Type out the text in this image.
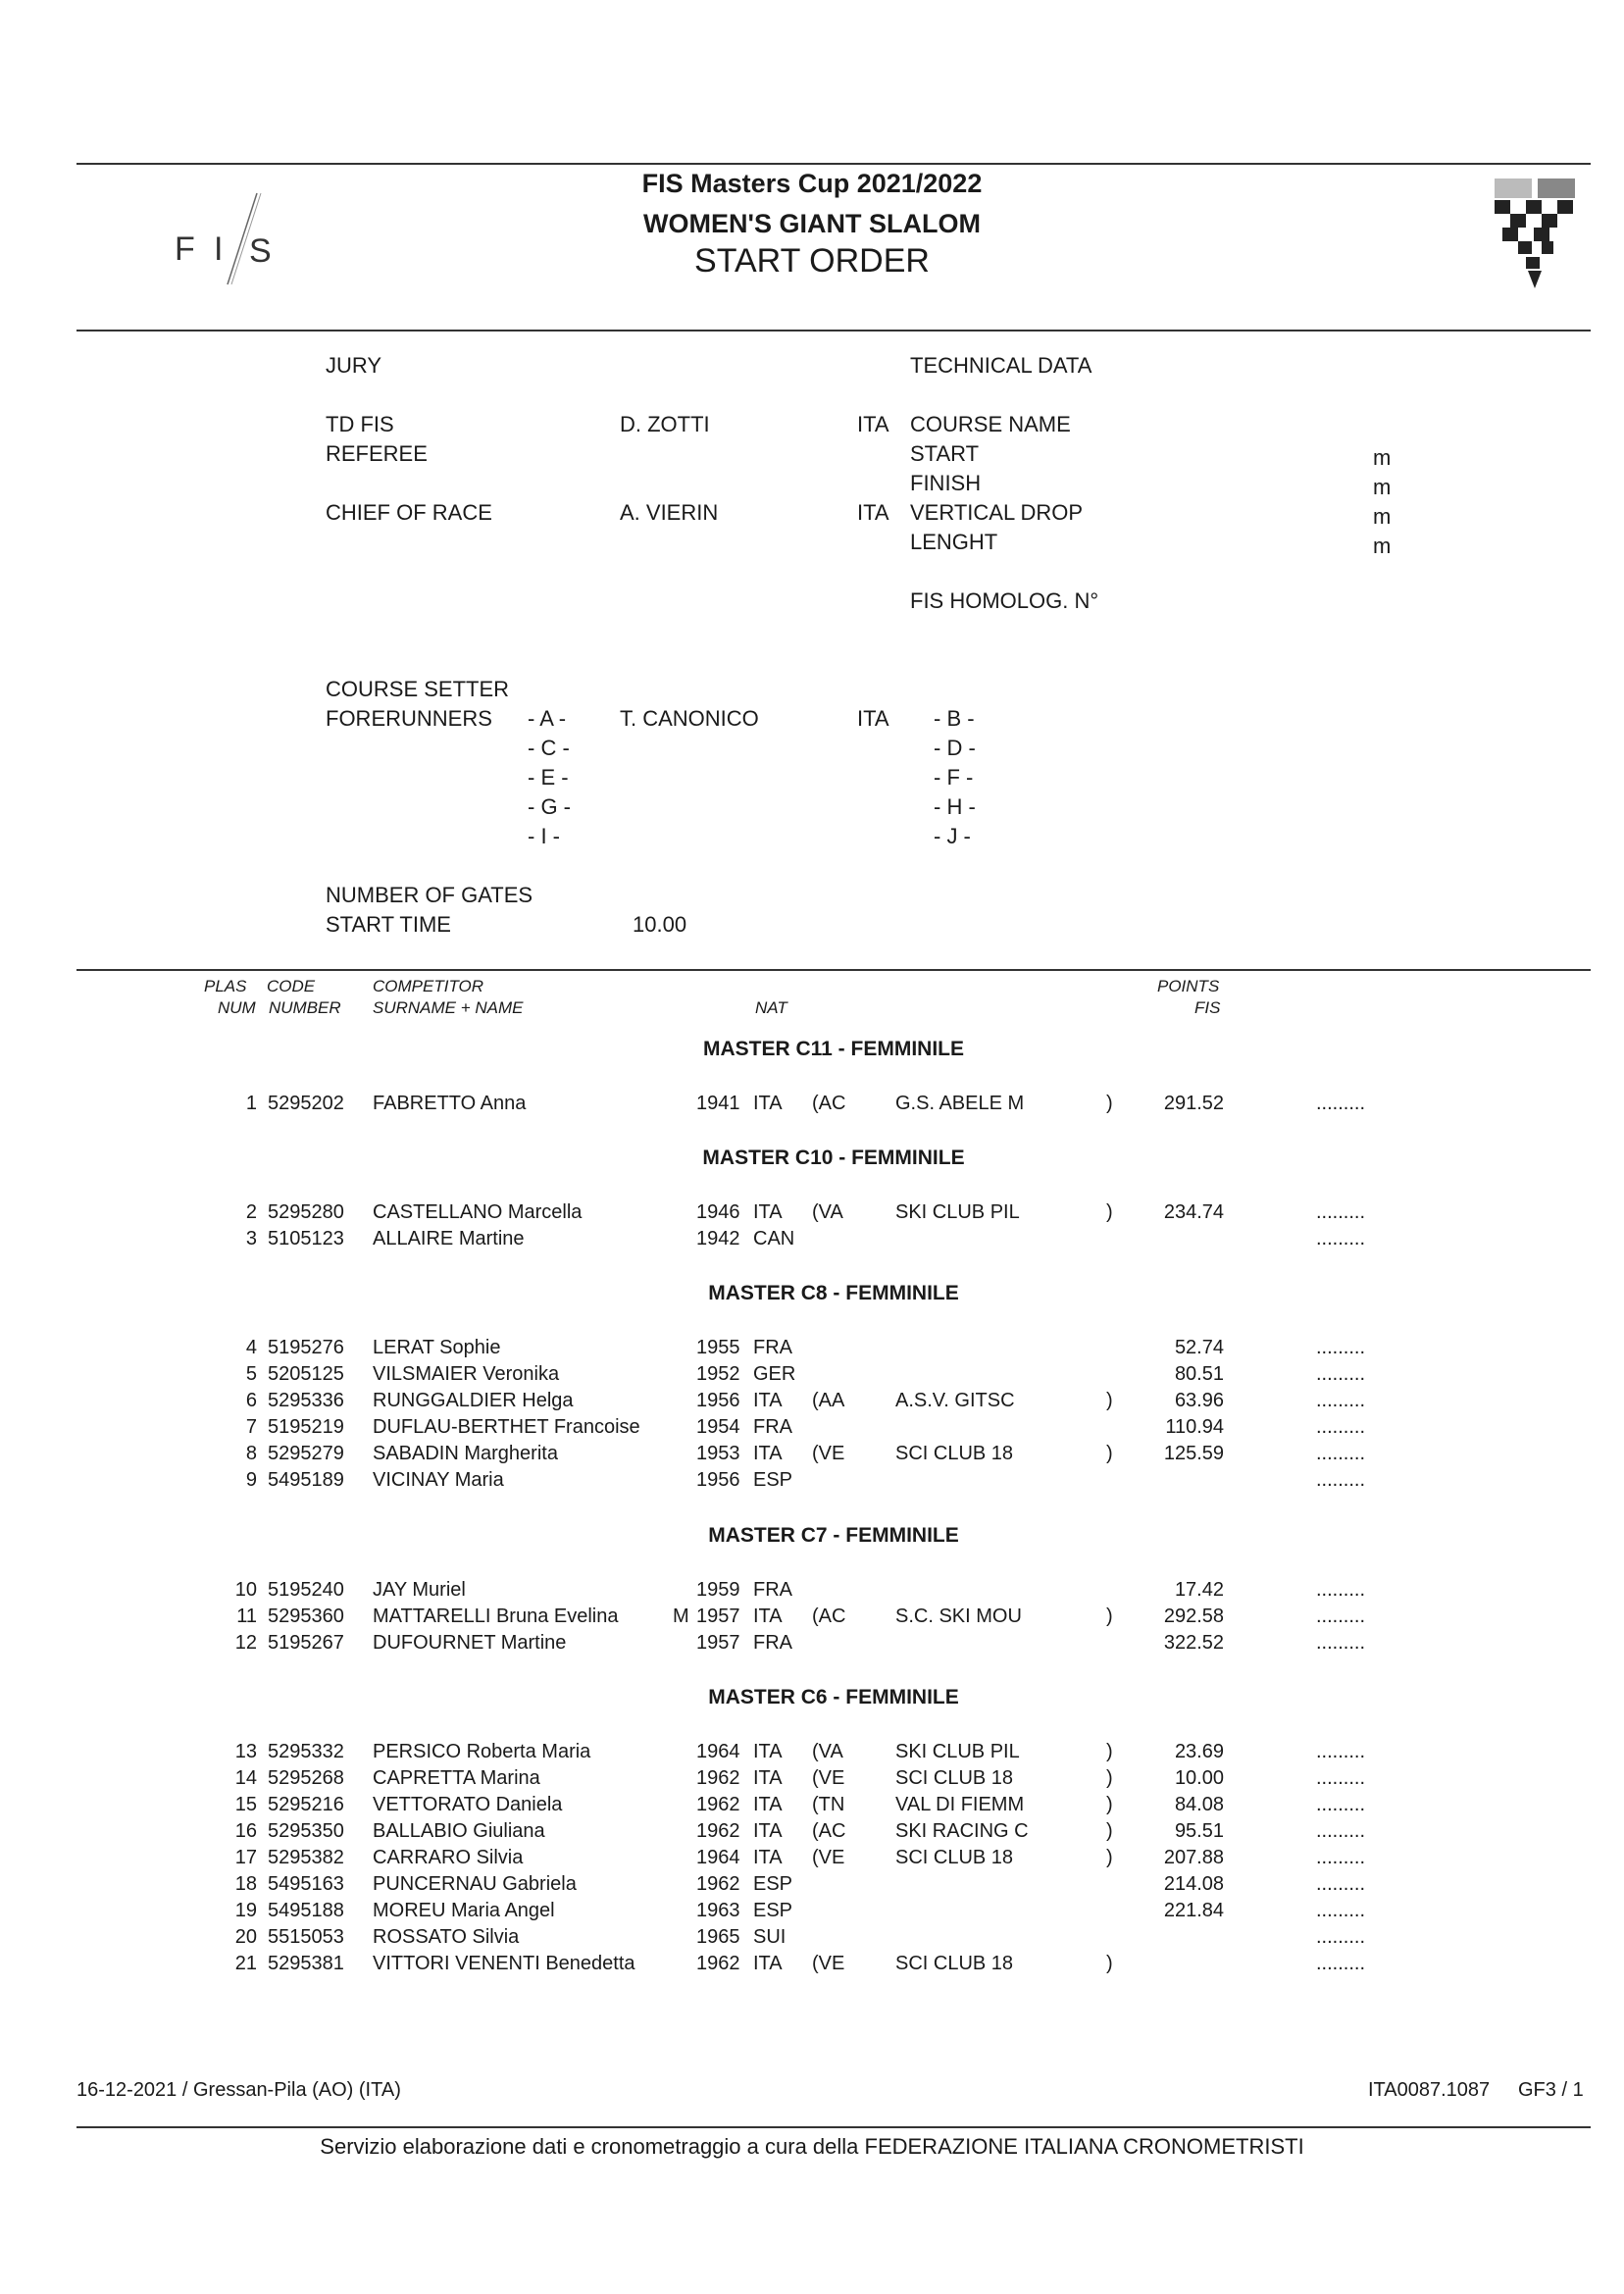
F I S
FIS Masters Cup 2021/2022
WOMEN'S GIANT SLALOM
START ORDER
JURY	TECHNICAL DATA
TD FIS	D. ZOTTI	ITA COURSE NAME
REFEREE	START	m
FINISH	m
CHIEF OF RACE	A. VIERIN	ITA VERTICAL DROP	m
LENGHT	m
FIS HOMOLOG. N°
COURSE SETTER
FORERUNNERS - A - T. CANONICO	ITA - B -
- C -	- D -
- E -	- F -
- G -	- H -
- I -	- J -
NUMBER OF GATES
START TIME	10.00
PLAS CODE	COMPETITOR	POINTS
NUM NUMBER SURNAME + NAME	NAT	FIS
MASTER C11 - FEMMINILE
1 5295202 FABRETTO Anna	1941 ITA (AC	G.S. ABELE M	)	291.52	.........
MASTER C10 - FEMMINILE
2 5295280 CASTELLANO Marcella	1946 ITA (VA	SKI CLUB PIL	)	234.74	.........
3 5105123 ALLAIRE Martine	1942 CAN	.........
MASTER C8 - FEMMINILE
4 5195276 LERAT Sophie	1955 FRA	52.74	.........
5 5205125 VILSMAIER Veronika	1952 GER	80.51	.........
6 5295336 RUNGGALDIER Helga	1956 ITA (AA	A.S.V. GITSC	)	63.96	.........
7 5195219 DUFLAU-BERTHET Francoise	1954 FRA	110.94	.........
8 5295279 SABADIN Margherita	1953 ITA (VE	SCI CLUB 18	)	125.59	.........
9 5495189 VICINAY Maria	1956 ESP	.........
MASTER C7 - FEMMINILE
10 5195240 JAY Muriel	1959 FRA	17.42	.........
11 5295360 MATTARELLI Bruna Evelina	M 1957 ITA (AC	S.C. SKI MOU	)	292.58	.........
12 5195267 DUFOURNET Martine	1957 FRA	322.52	.........
MASTER C6 - FEMMINILE
13 5295332 PERSICO Roberta Maria	1964 ITA (VA	SKI CLUB PIL	)	23.69	.........
14 5295268 CAPRETTA Marina	1962 ITA (VE	SCI CLUB 18	)	10.00	.........
15 5295216 VETTORATO Daniela	1962 ITA (TN	VAL DI FIEMM	)	84.08	.........
16 5295350 BALLABIO Giuliana	1962 ITA (AC	SKI RACING C	)	95.51	.........
17 5295382 CARRARO Silvia	1964 ITA (VE	SCI CLUB 18	)	207.88	.........
18 5495163 PUNCERNAU Gabriela	1962 ESP	214.08	.........
19 5495188 MOREU Maria Angel	1963 ESP	221.84	.........
20 5515053 ROSSATO Silvia	1965 SUI	.........
21 5295381 VITTORI VENENTI Benedetta	1962 ITA (VE	SCI CLUB 18	)	.........
16-12-2021 / Gressan-Pila (AO) (ITA)	ITA0087.1087 GF3 / 1
Servizio elaborazione dati e cronometraggio a cura della FEDERAZIONE ITALIANA CRONOMETRISTI
